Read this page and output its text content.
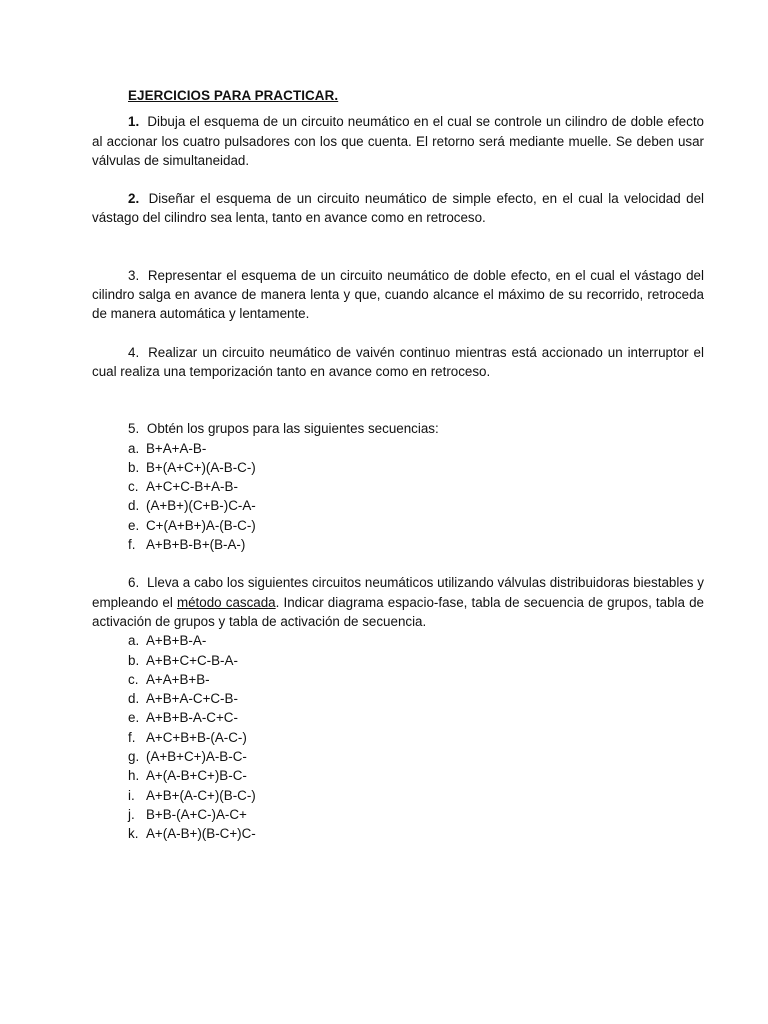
EJERCICIOS PARA PRACTICAR.

1. Dibuja el esquema de un circuito neumático en el cual se controle un cilindro de doble efecto al accionar los cuatro pulsadores con los que cuenta. El retorno será mediante muelle. Se deben usar válvulas de simultaneidad.

2. Diseñar el esquema de un circuito neumático de simple efecto, en el cual la velocidad del vástago del cilindro sea lenta, tanto en avance como en retroceso.

3. Representar el esquema de un circuito neumático de doble efecto, en el cual el vástago del cilindro salga en avance de manera lenta y que, cuando alcance el máximo de su recorrido, retroceda de manera automática y lentamente.

4. Realizar un circuito neumático de vaivén continuo mientras está accionado un interruptor el cual realiza una temporización tanto en avance como en retroceso.

5. Obtén los grupos para las siguientes secuencias:

a. B+A+A-B-
b. B+(A+C+)(A-B-C-)
c. A+C+C-B+A-B-
d. (A+B+)(C+B-)C-A-
e. C+(A+B+)A-(B-C-)
f. A+B+B-B+(B-A-)

6. Lleva a cabo los siguientes circuitos neumáticos utilizando válvulas distribuidoras biestables y empleando el método cascada. Indicar diagrama espacio-fase, tabla de secuencia de grupos, tabla de activación de grupos y tabla de activación de secuencia.

a. A+B+B-A-
b. A+B+C+C-B-A-
c. A+A+B+B-
d. A+B+A-C+C-B-
e. A+B+B-A-C+C-
f. A+C+B+B-(A-C-)
g. (A+B+C+)A-B-C-
h. A+(A-B+C+)B-C-
i. A+B+(A-C+)(B-C-)
j. B+B-(A+C-)A-C+
k. A+(A-B+)(B-C+)C-
